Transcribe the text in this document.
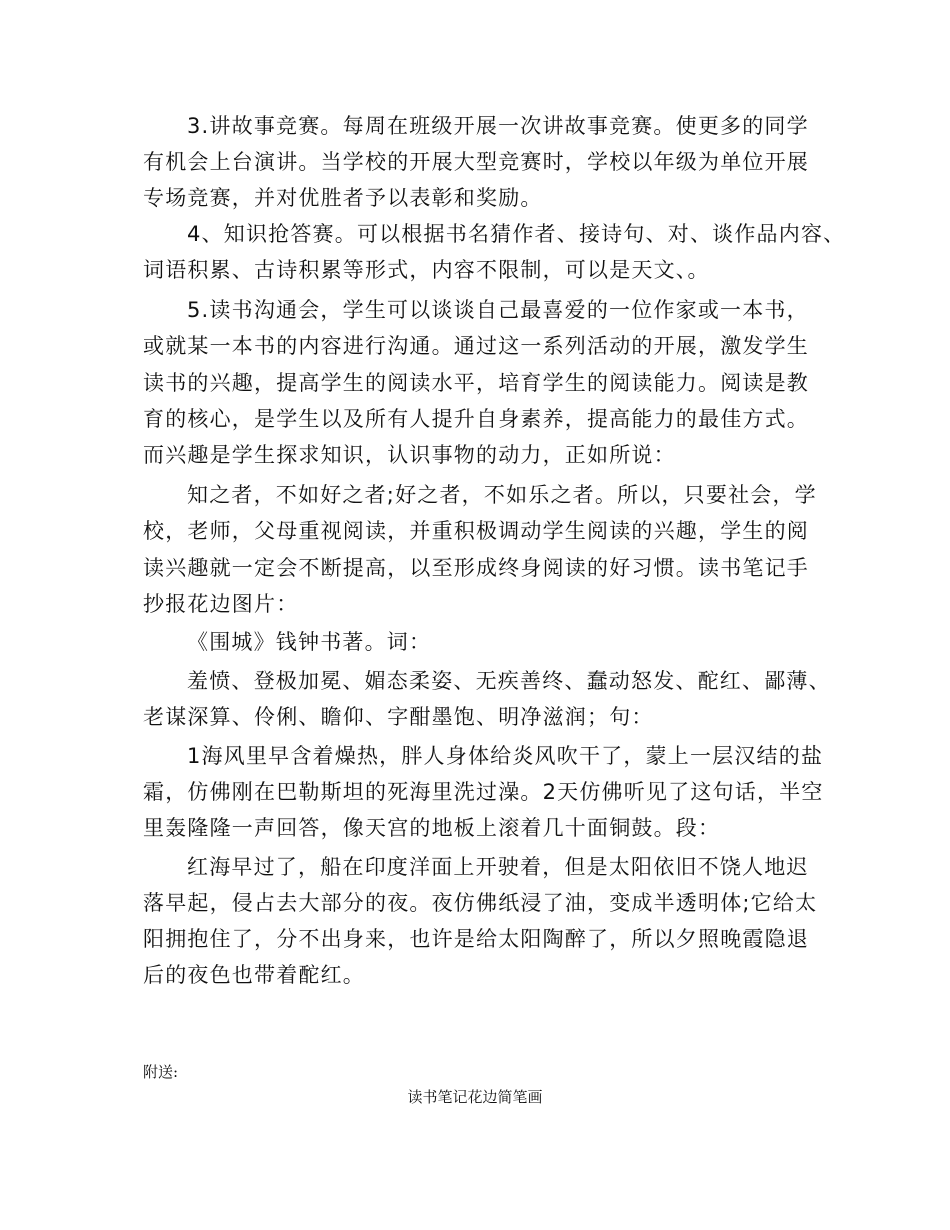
3.讲故事竞赛。每周在班级开展一次讲故事竞赛。使更多的同学
有机会上台演讲。当学校的开展大型竞赛时，学校以年级为单位开展
专场竞赛，并对优胜者予以表彰和奖励。
4、知识抢答赛。可以根据书名猜作者、接诗句、对、谈作品内容、
词语积累、古诗积累等形式，内容不限制，可以是天文、。
5.读书沟通会，学生可以谈谈自己最喜爱的一位作家或一本书，
或就某一本书的内容进行沟通。通过这一系列活动的开展，激发学生
读书的兴趣，提高学生的阅读水平，培育学生的阅读能力。阅读是教
育的核心，是学生以及所有人提升自身素养，提高能力的最佳方式。
而兴趣是学生探求知识，认识事物的动力，正如所说：
知之者，不如好之者;好之者，不如乐之者。所以，只要社会，学
校，老师，父母重视阅读，并重积极调动学生阅读的兴趣，学生的阅
读兴趣就一定会不断提高，以至形成终身阅读的好习惯。读书笔记手
抄报花边图片：
《围城》钱钟书著。词：
羞愤、登极加冕、媚态柔姿、无疾善终、蠢动怒发、酡红、鄙薄、
老谋深算、伶俐、瞻仰、字酣墨饱、明净滋润；句：
1海风里早含着燥热，胖人身体给炎风吹干了，蒙上一层汉结的盐
霜，仿佛刚在巴勒斯坦的死海里洗过澡。2天仿佛听见了这句话，半空
里轰隆隆一声回答，像天宫的地板上滚着几十面铜鼓。段：
红海早过了，船在印度洋面上开驶着，但是太阳依旧不饶人地迟
落早起，侵占去大部分的夜。夜仿佛纸浸了油，变成半透明体;它给太
阳拥抱住了，分不出身来，也许是给太阳陶醉了，所以夕照晚霞隐退
后的夜色也带着酡红。
附送:
读书笔记花边简笔画
